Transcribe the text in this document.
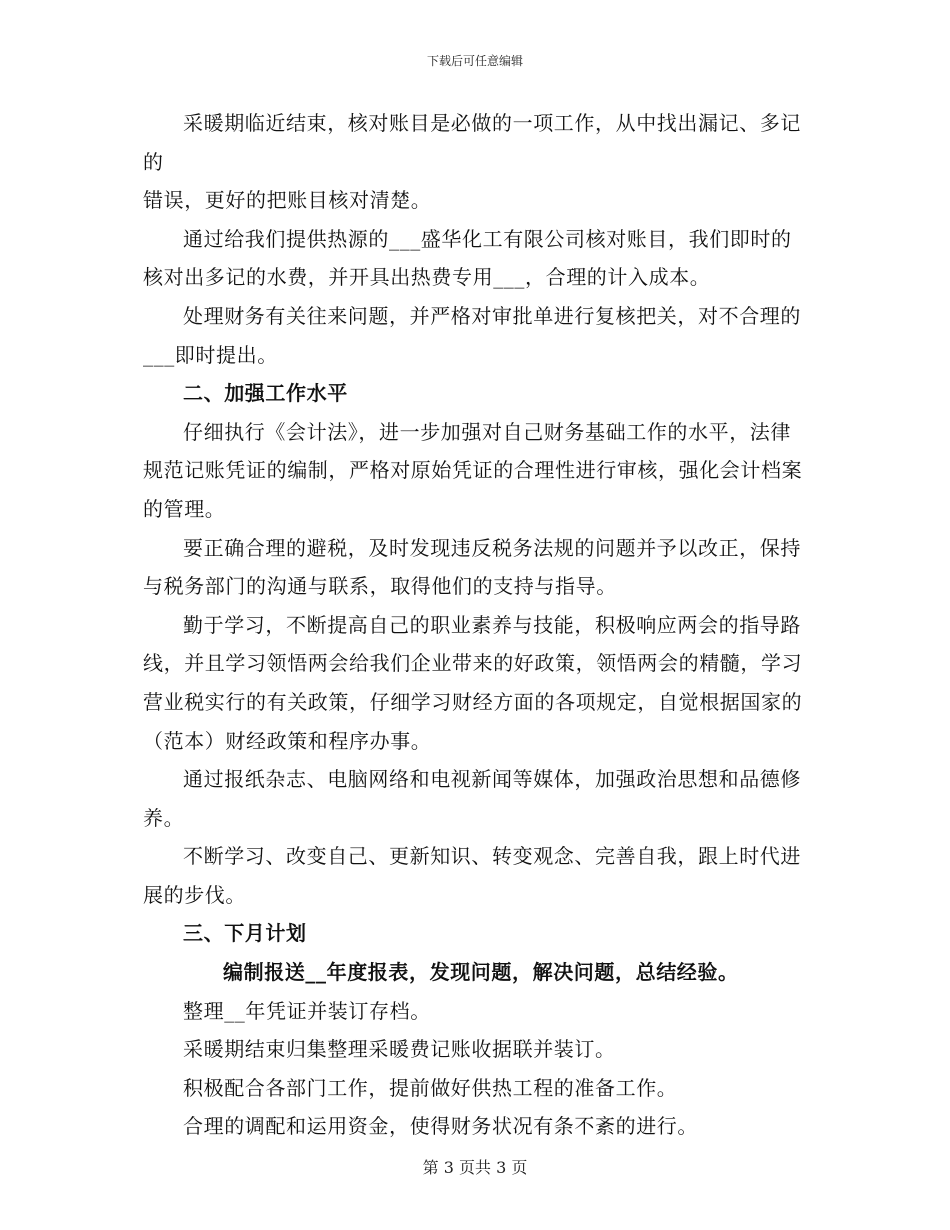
下载后可任意编辑

采暖期临近结束，核对账目是必做的一项工作，从中找出漏记、多记的

错误，更好的把账目核对清楚。

通过给我们提供热源的___盛华化工有限公司核对账目，我们即时的核对出多记的水费，并开具出热费专用___，合理的计入成本。

处理财务有关往来问题，并严格对审批单进行复核把关，对不合理的___即时提出。

二、加强工作水平

仔细执行《会计法》，进一步加强对自己财务基础工作的水平，法律规范记账凭证的编制，严格对原始凭证的合理性进行审核，强化会计档案的管理。

要正确合理的避税，及时发现违反税务法规的问题并予以改正，保持与税务部门的沟通与联系，取得他们的支持与指导。

勤于学习，不断提高自己的职业素养与技能，积极响应两会的指导路线，并且学习领悟两会给我们企业带来的好政策，领悟两会的精髓，学习营业税实行的有关政策，仔细学习财经方面的各项规定，自觉根据国家的（范本）财经政策和程序办事。

通过报纸杂志、电脑网络和电视新闻等媒体，加强政治思想和品德修养。

不断学习、改变自己、更新知识、转变观念、完善自我，跟上时代进展的步伐。

三、下月计划

编制报送__年度报表，发现问题，解决问题，总结经验。

整理__年凭证并装订存档。

采暖期结束归集整理采暖费记账收据联并装订。

积极配合各部门工作，提前做好供热工程的准备工作。

合理的调配和运用资金，使得财务状况有条不紊的进行。

第 3 页共 3 页
